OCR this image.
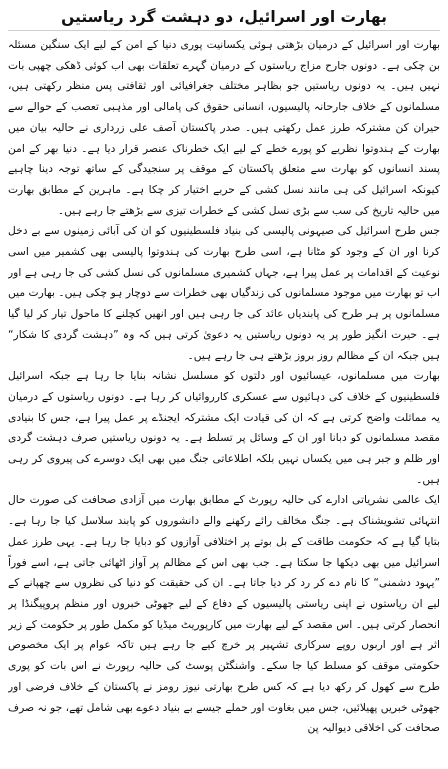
بھارت اور اسرائیل، دو دہشت گرد ریاستیں

بھارت اور اسرائیل کے درمیان بڑھتی ہوئی یکسانیت پوری دنیا کے امن کے لیے ایک سنگین مسئلہ بن چکی ہے۔ دونوں جارح مزاج ریاستوں کے درمیان گہرے تعلقات بھی اب کوئی ڈھکی چھپی بات نہیں ہیں۔ یہ دونوں ریاستیں جو بظاہر مختلف جغرافیائی اور ثقافتی پس منظر رکھتی ہیں، مسلمانوں کے خلاف جارحانہ پالیسیوں، انسانی حقوق کی پامالی اور مذہبی تعصب کے حوالے سے حیران کن مشترکہ طرز عمل رکھتی ہیں۔ صدر پاکستان آصف علی زرداری نے حالیہ بیان میں بھارت کے ہندوتوا نظریے کو پورے خطے کے لیے ایک خطرناک عنصر قرار دیا ہے۔ دنیا بھر کے امن پسند انسانوں کو بھارت سے متعلق پاکستان کے موقف پر سنجیدگی کے ساتھ توجہ دینا چاہیے کیونکہ اسرائیل کی ہی مانند نسل کشی کے حربے اختیار کر چکا ہے۔ ماہرین کے مطابق بھارت میں حالیہ تاریخ کی سب سے بڑی نسل کشی کے خطرات تیزی سے بڑھتے جا رہے ہیں۔

جس طرح اسرائیل کی صیہونی پالیسی کی بنیاد فلسطینیوں کو ان کی آبائی زمینوں سے بے دخل کرنا اور ان کے وجود کو مٹانا ہے، اسی طرح بھارت کی ہندوتوا پالیسی بھی کشمیر میں اسی نوعیت کے اقدامات پر عمل پیرا ہے، جہاں کشمیری مسلمانوں کی نسل کشی کی جا رہی ہے اور اب تو بھارت میں موجود مسلمانوں کی زندگیاں بھی خطرات سے دوچار ہو چکی ہیں۔ بھارت میں مسلمانوں پر ہر طرح کی پابندیاں عائد کی جا رہی ہیں اور انھیں کچلنے کا ماحول تیار کر لیا گیا ہے۔ حیرت انگیز طور پر یہ دونوں ریاستیں یہ دعویٰ کرتی ہیں کہ وہ ”دہشت گردی کا شکار“ ہیں جبکہ ان کے مظالم روز بروز بڑھتے ہی جا رہے ہیں۔

بھارت میں مسلمانوں، عیسائیوں اور دلتوں کو مسلسل نشانہ بنایا جا رہا ہے جبکہ اسرائیل فلسطینیوں کے خلاف کی دہائیوں سے عسکری کارروائیاں کر رہا ہے۔ دونوں ریاستوں کے درمیان یہ مماثلت واضح کرتی ہے کہ ان کی قیادت ایک مشترکہ ایجنڈے پر عمل پیرا ہے، جس کا بنیادی مقصد مسلمانوں کو دبانا اور ان کے وسائل پر تسلط ہے۔ یہ دونوں ریاستیں صرف دہشت گردی اور ظلم و جبر ہی میں یکساں نہیں بلکہ اطلاعاتی جنگ میں بھی ایک دوسرے کی پیروی کر رہی ہیں۔

ایک عالمی نشریاتی ادارے کی حالیہ رپورٹ کے مطابق بھارت میں آزادی صحافت کی صورت حال انتہائی تشویشناک ہے۔ جنگ مخالف رائے رکھنے والے دانشوروں کو پابند سلاسل کیا جا رہا ہے۔ بتایا گیا ہے کہ حکومت طاقت کے بل بوتے پر اختلافی آوازوں کو دبایا جا رہا ہے۔ یہی طرز عمل اسرائیل میں بھی دیکھا جا سکتا ہے۔ جب بھی اس کے مظالم پر آواز اٹھائی جاتی ہے، اسے فوراً ”یہود دشمنی“ کا نام دے کر رد کر دیا جاتا ہے۔ ان کی حقیقت کو دنیا کی نظروں سے چھپانے کے لیے ان ریاستوں نے اپنی ریاستی پالیسیوں کے دفاع کے لیے جھوٹی خبروں اور منظم پروپیگنڈا پر انحصار کرتی ہیں۔ اس مقصد کے لیے بھارت میں کارپوریٹ میڈیا کو مکمل طور پر حکومت کے زیر اثر ہے اور اربوں روپے سرکاری تشہیر پر خرچ کیے جا رہے ہیں تاکہ عوام پر ایک مخصوص حکومتی موقف کو مسلط کیا جا سکے۔ واشنگٹن پوسٹ کی حالیہ رپورٹ نے اس بات کو پوری طرح سے کھول کر رکھ دیا ہے کہ کس طرح بھارتی نیوز رومز نے پاکستان کے خلاف فرضی اور جھوٹی خبریں پھیلائیں، جس میں بغاوت اور حملے جیسے بے بنیاد دعوے بھی شامل تھے، جو نہ صرف صحافت کی اخلاقی دیوالیہ پن
